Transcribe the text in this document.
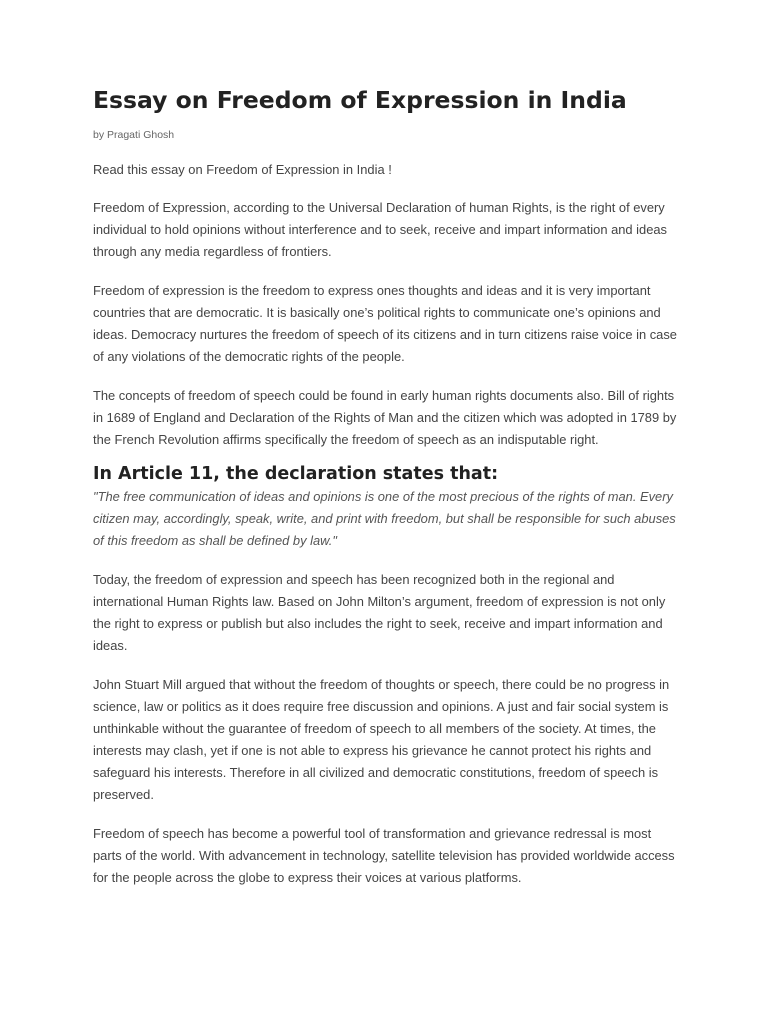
Essay on Freedom of Expression in India
by Pragati Ghosh

Read this essay on Freedom of Expression in India !

Freedom of Expression, according to the Universal Declaration of human Rights, is the right of every individual to hold opinions without interference and to seek, receive and impart information and ideas through any media regardless of frontiers.

Freedom of expression is the freedom to express ones thoughts and ideas and it is very important countries that are democratic. It is basically one’s political rights to communicate one’s opinions and ideas. Democracy nurtures the freedom of speech of its citizens and in turn citizens raise voice in case of any violations of the democratic rights of the people.

The concepts of freedom of speech could be found in early human rights documents also. Bill of rights in 1689 of England and Declaration of the Rights of Man and the citizen which was adopted in 1789 by the French Revolution affirms specifically the freedom of speech as an indisputable right.

In Article 11, the declaration states that:

"The free communication of ideas and opinions is one of the most precious of the rights of man. Every citizen may, accordingly, speak, write, and print with freedom, but shall be responsible for such abuses of this freedom as shall be defined by law."

Today, the freedom of expression and speech has been recognized both in the regional and international Human Rights law. Based on John Milton’s argument, freedom of expression is not only the right to express or publish but also includes the right to seek, receive and impart information and ideas.

John Stuart Mill argued that without the freedom of thoughts or speech, there could be no progress in science, law or politics as it does require free discussion and opinions. A just and fair social system is unthinkable without the guarantee of freedom of speech to all members of the society. At times, the interests may clash, yet if one is not able to express his grievance he cannot protect his rights and safeguard his interests. Therefore in all civilized and democratic constitutions, freedom of speech is preserved.

Freedom of speech has become a powerful tool of transformation and grievance redressal is most parts of the world. With advancement in technology, satellite television has provided worldwide access for the people across the globe to express their voices at various platforms.
